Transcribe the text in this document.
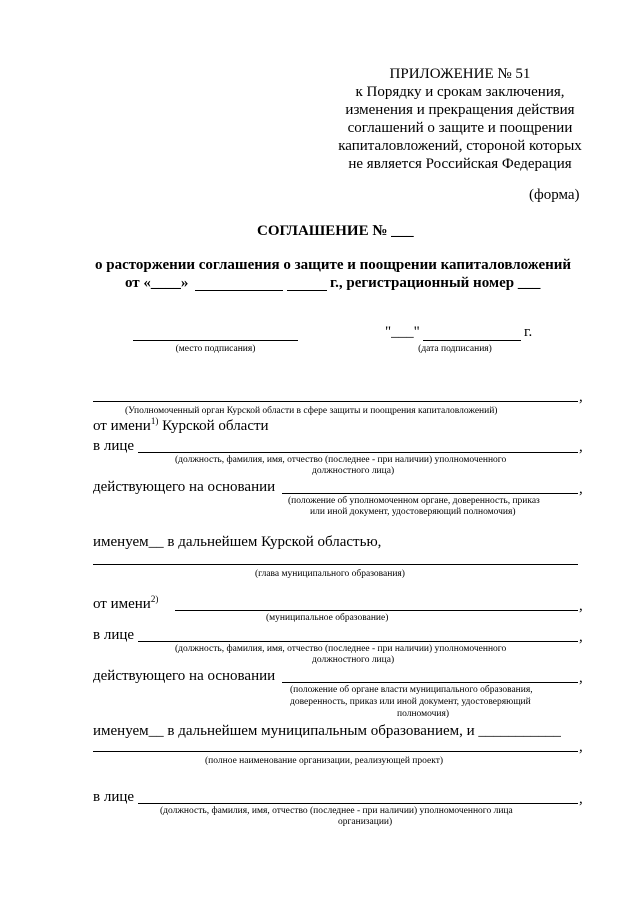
ПРИЛОЖЕНИЕ № 51
к Порядку и срокам заключения,
изменения и прекращения действия
соглашений о защите и поощрении
капиталовложений, стороной которых
не является Российская Федерация
(форма)
СОГЛАШЕНИЕ № ___
о расторжении соглашения о защите и поощрении капиталовложений
от «____»	г., регистрационный номер ___
(место подписания)
"___"	г.
(дата подписания)
,
(Уполномоченный орган Курской области в сфере защиты и поощрения капиталовложений)
от имени$^{1)}$ Курской области
в лице	,
(должность, фамилия, имя, отчество (последнее - при наличии) уполномоченного
должностного лица)
действующего на основании	,
(положение об уполномоченном органе, доверенность, приказ
или иной документ, удостоверяющий полномочия)
именуем__ в дальнейшем Курской областью,
(глава муниципального образования)
от имени$^{2)}$	,
(муниципальное образование)
в лице	,
(должность, фамилия, имя, отчество (последнее - при наличии) уполномоченного
должностного лица)
действующего на основании	,
(положение об органе власти муниципального образования,
доверенность, приказ или иной документ, удостоверяющий
полномочия)
именуем__ в дальнейшем муниципальным образованием, и ___________
,
(полное наименование организации, реализующей проект)
в лице	,
(должность, фамилия, имя, отчество (последнее - при наличии) уполномоченного лица
организации)
